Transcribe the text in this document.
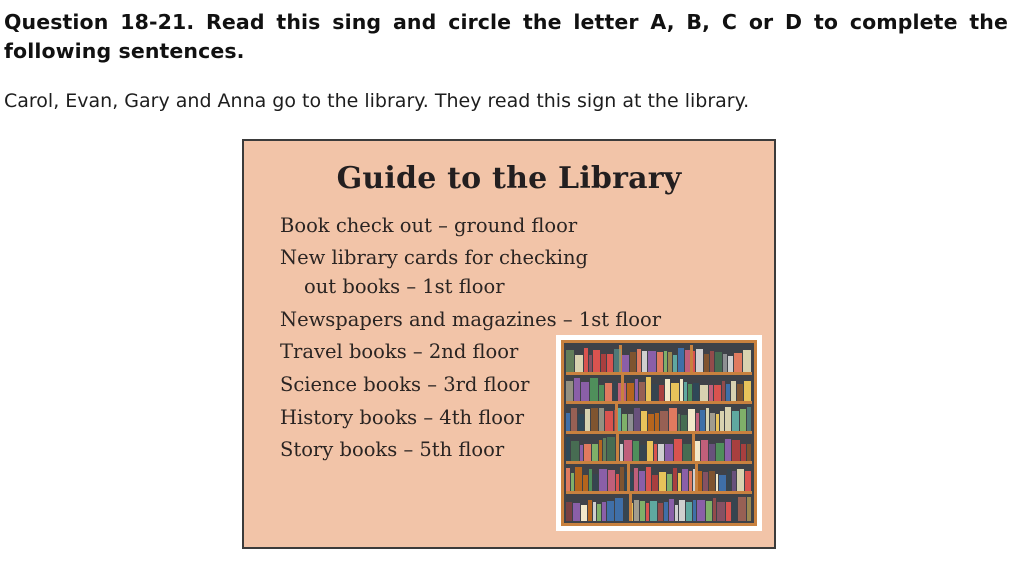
Question 18-21. Read this sing and circle the letter A, B, C or D to complete the following sentences.
Carol, Evan, Gary and Anna go to the library. They read this sign at the library.
Guide to the Library
Book check out – ground floor
New library cards for checking
out books – 1st floor
Newspapers and magazines – 1st floor
Travel books – 2nd floor
Science books – 3rd floor
History books – 4th floor
Story books – 5th floor
